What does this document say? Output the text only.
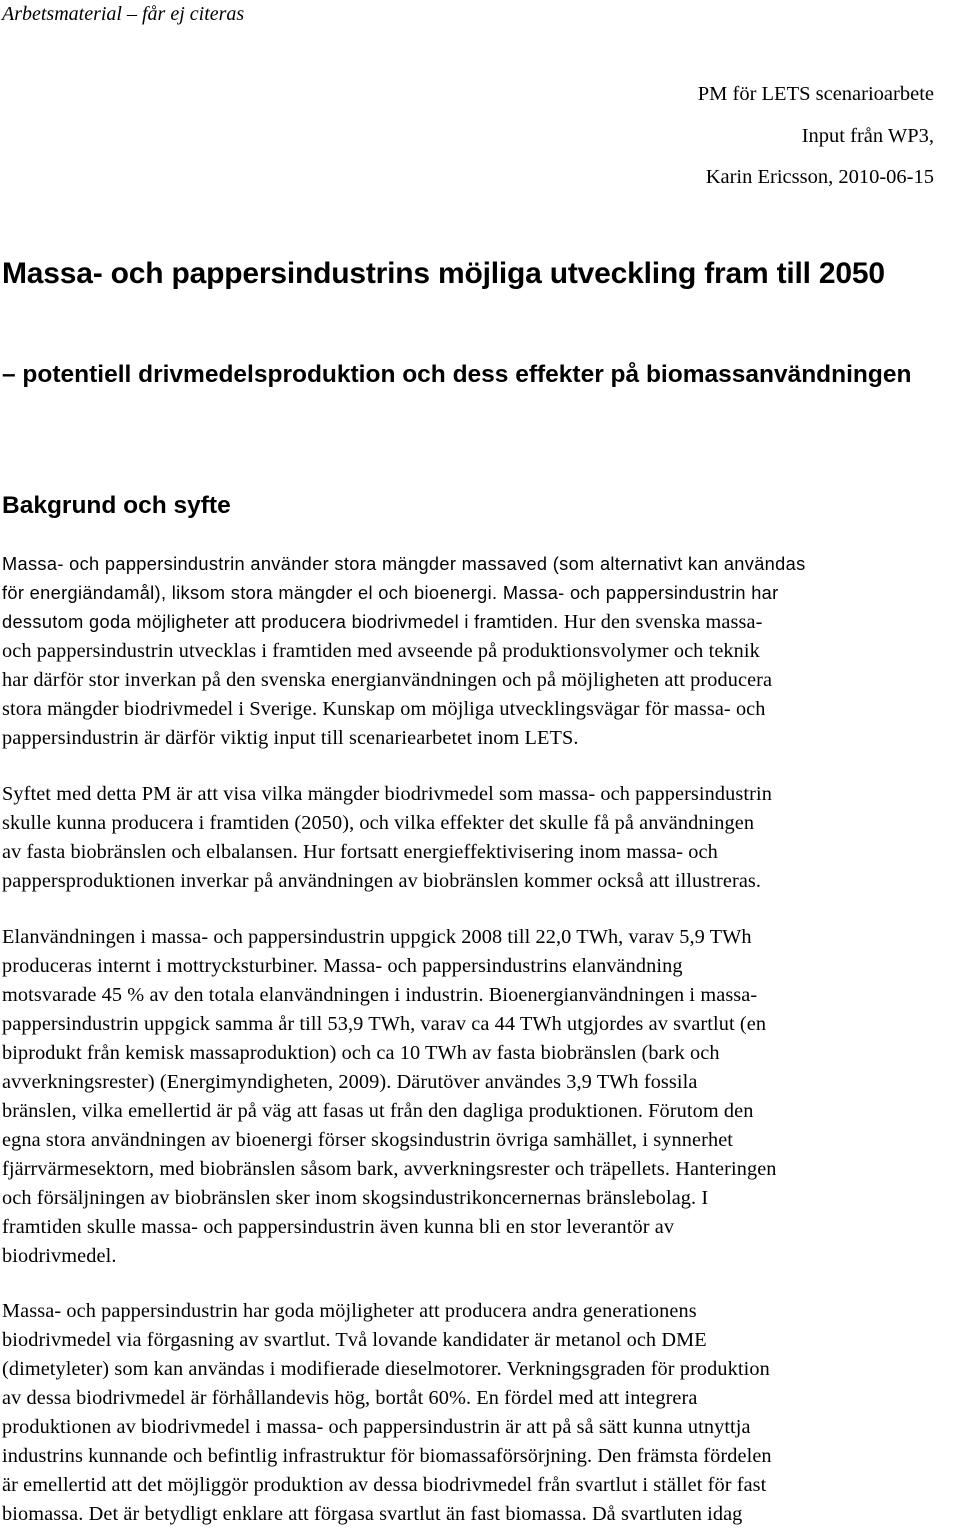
Arbetsmaterial – får ej citeras
PM för LETS scenarioarbete
Input från WP3,
Karin Ericsson, 2010-06-15
Massa- och pappersindustrins möjliga utveckling fram till 2050
– potentiell drivmedelsproduktion och dess effekter på biomassanvändningen
Bakgrund och syfte
Massa- och pappersindustrin använder stora mängder massaved (som alternativt kan användas
för energiändamål), liksom stora mängder el och bioenergi. Massa- och pappersindustrin har
dessutom goda möjligheter att producera biodrivmedel i framtiden. Hur den svenska massa-
och pappersindustrin utvecklas i framtiden med avseende på produktionsvolymer och teknik
har därför stor inverkan på den svenska energianvändningen och på möjligheten att producera
stora mängder biodrivmedel i Sverige. Kunskap om möjliga utvecklingsvägar för massa- och
pappersindustrin är därför viktig input till scenariearbetet inom LETS.
Syftet med detta PM är att visa vilka mängder biodrivmedel som massa- och pappersindustrin
skulle kunna producera i framtiden (2050), och vilka effekter det skulle få på användningen
av fasta biobränslen och elbalansen. Hur fortsatt energieffektivisering inom massa- och
pappersproduktionen inverkar på användningen av biobränslen kommer också att illustreras.
Elanvändningen i massa- och pappersindustrin uppgick 2008 till 22,0 TWh, varav 5,9 TWh
produceras internt i mottrycksturbiner. Massa- och pappersindustrins elanvändning
motsvarade 45 % av den totala elanvändningen i industrin. Bioenergianvändningen i massa-
pappersindustrin uppgick samma år till 53,9 TWh, varav ca 44 TWh utgjordes av svartlut (en
biprodukt från kemisk massaproduktion) och ca 10 TWh av fasta biobränslen (bark och
avverkningsrester) (Energimyndigheten, 2009). Därutöver användes 3,9 TWh fossila
bränslen, vilka emellertid är på väg att fasas ut från den dagliga produktionen. Förutom den
egna stora användningen av bioenergi förser skogsindustrin övriga samhället, i synnerhet
fjärrvärmesektorn, med biobränslen såsom bark, avverkningsrester och träpellets. Hanteringen
och försäljningen av biobränslen sker inom skogsindustrikoncernernas bränslebolag. I
framtiden skulle massa- och pappersindustrin även kunna bli en stor leverantör av
biodrivmedel.
Massa- och pappersindustrin har goda möjligheter att producera andra generationens
biodrivmedel via förgasning av svartlut. Två lovande kandidater är metanol och DME
(dimetyleter) som kan användas i modifierade dieselmotorer. Verkningsgraden för produktion
av dessa biodrivmedel är förhållandevis hög, bortåt 60%. En fördel med att integrera
produktionen av biodrivmedel i massa- och pappersindustrin är att på så sätt kunna utnyttja
industrins kunnande och befintlig infrastruktur för biomassaförsörjning. Den främsta fördelen
är emellertid att det möjliggör produktion av dessa biodrivmedel från svartlut i stället för fast
biomassa. Det är betydligt enklare att förgasa svartlut än fast biomassa. Då svartluten idag
